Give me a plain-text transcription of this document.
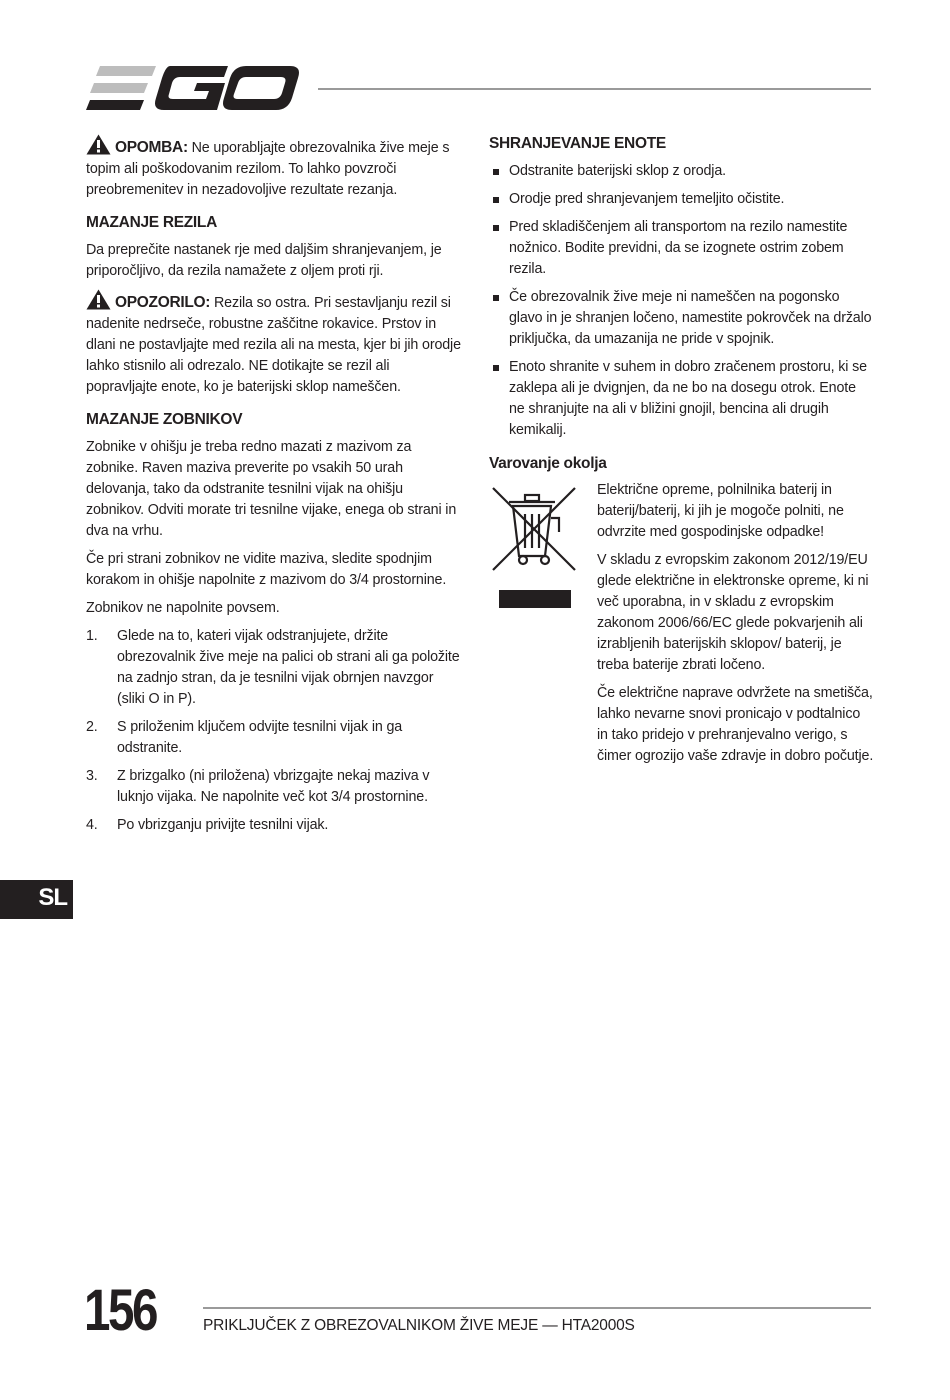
OPOMBA: Ne uporabljajte obrezovalnika žive meje s topim ali poškodovanim rezilom. To lahko povzroči preobremenitev in nezadovoljive rezultate rezanja.

MAZANJE REZILA

Da preprečite nastanek rje med daljšim shranjevanjem, je priporočljivo, da rezila namažete z oljem proti rji.

OPOZORILO: Rezila so ostra. Pri sestavljanju rezil si nadenite nedrseče, robustne zaščitne rokavice. Prstov in dlani ne postavljajte med rezila ali na mesta, kjer bi jih orodje lahko stisnilo ali odrezalo. NE dotikajte se rezil ali popravljajte enote, ko je baterijski sklop nameščen.

MAZANJE ZOBNIKOV

Zobnike v ohišju je treba redno mazati z mazivom za zobnike. Raven maziva preverite po vsakih 50 urah delovanja, tako da odstranite tesnilni vijak na ohišju zobnikov. Odviti morate tri tesnilne vijake, enega ob strani in dva na vrhu.

Če pri strani zobnikov ne vidite maziva, sledite spodnjim korakom in ohišje napolnite z mazivom do 3/4 prostornine.

Zobnikov ne napolnite povsem.

1. Glede na to, kateri vijak odstranjujete, držite obrezovalnik žive meje na palici ob strani ali ga položite na zadnjo stran, da je tesnilni vijak obrnjen navzgor (sliki O in P).
2. S priloženim ključem odvijte tesnilni vijak in ga odstranite.
3. Z brizgalko (ni priložena) vbrizgajte nekaj maziva v luknjo vijaka. Ne napolnite več kot 3/4 prostornine.
4. Po vbrizganju privijte tesnilni vijak.
SHRANJEVANJE ENOTE
Odstranite baterijski sklop z orodja.
Orodje pred shranjevanjem temeljito očistite.
Pred skladiščenjem ali transportom na rezilo namestite nožnico. Bodite previdni, da se izognete ostrim zobem rezila.
Če obrezovalnik žive meje ni nameščen na pogonsko glavo in je shranjen ločeno, namestite pokrovček na držalo priključka, da umazanija ne pride v spojnik.
Enoto shranite v suhem in dobro zračenem prostoru, ki se zaklepa ali je dvignjen, da ne bo na dosegu otrok. Enote ne shranjujte na ali v bližini gnojil, bencina ali drugih kemikalij.
Varovanje okolja

Električne opreme, polnilnika baterij in baterij/baterij, ki jih je mogoče polniti, ne odvrzite med gospodinjske odpadke!

V skladu z evropskim zakonom 2012/19/EU glede električne in elektronske opreme, ki ni več uporabna, in v skladu z evropskim zakonom 2006/66/EC glede pokvarjenih ali izrabljenih baterijskih sklopov/ baterij, je treba baterije zbrati ločeno.

Če električne naprave odvržete na smetišča, lahko nevarne snovi pronicajo v podtalnico in tako pridejo v prehranjevalno verigo, s čimer ogrozijo vaše zdravje in dobro počutje.

SL
156	PRIKLJUČEK Z OBREZOVALNIKOM ŽIVE MEJE — HTA2000S
